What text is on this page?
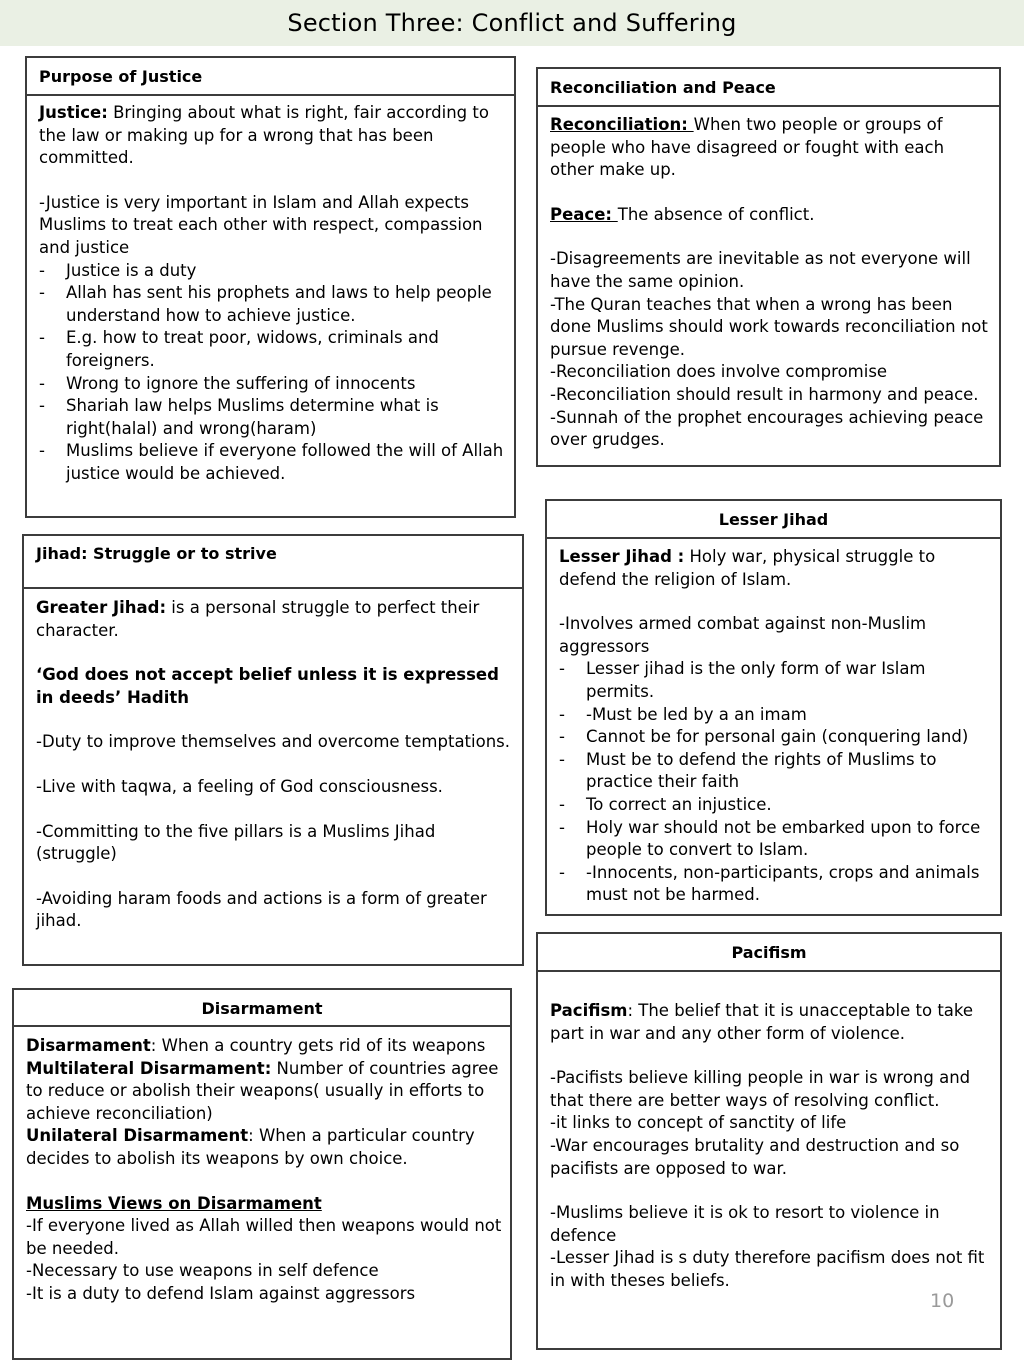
Section Three: Conflict and Suffering
Purpose of Justice

Justice: Bringing about what is right, fair according to the law or making up for a wrong that has been committed.

-Justice is very important in Islam and Allah expects Muslims to treat each other with respect, compassion and justice

- Justice is a duty
- Allah has sent his prophets and laws to help people understand how to achieve justice.
- E.g. how to treat poor, widows, criminals and foreigners.
- Wrong to ignore the suffering of innocents
- Shariah law helps Muslims determine what is right(halal) and wrong(haram)
- Muslims believe if everyone followed the will of Allah justice would be achieved.
Reconciliation and Peace

Reconciliation: When two people or groups of people who have disagreed or fought with each other make up.

Peace: The absence of conflict.

-Disagreements are inevitable as not everyone will have the same opinion.

-The Quran teaches that when a wrong has been done Muslims should work towards reconciliation not pursue revenge.

-Reconciliation does involve compromise

-Reconciliation should result in harmony and peace.

-Sunnah of the prophet encourages achieving peace over grudges.

Jihad: Struggle or to strive

Greater Jihad: is a personal struggle to perfect their character.

‘God does not accept belief unless it is expressed in deeds’ Hadith

-Duty to improve themselves and overcome temptations.

-Live with taqwa, a feeling of God consciousness.

-Committing to the five pillars is a Muslims Jihad (struggle)

-Avoiding haram foods and actions is a form of greater jihad.

Lesser Jihad

Lesser Jihad : Holy war, physical struggle to defend the religion of Islam.

-Involves armed combat against non-Muslim aggressors

- Lesser jihad is the only form of war Islam permits.
- -Must be led by a an imam
- Cannot be for personal gain (conquering land)
- Must be to defend the rights of Muslims to practice their faith
- To correct an injustice.
- Holy war should not be embarked upon to force people to convert to Islam.
- -Innocents, non-participants, crops and animals must not be harmed.
Disarmament

Disarmament: When a country gets rid of its weapons

Multilateral Disarmament: Number of countries agree to reduce or abolish their weapons( usually in efforts to achieve reconciliation)

Unilateral Disarmament: When a particular country decides to abolish its weapons by own choice.

Muslims Views on Disarmament

-If everyone lived as Allah willed then weapons would not be needed.

-Necessary to use weapons in self defence

-It is a duty to defend Islam against aggressors

Pacifism

Pacifism: The belief that it is unacceptable to take part in war and any other form of violence.

-Pacifists believe killing people in war is wrong and that there are better ways of resolving conflict.

-it links to concept of sanctity of life

-War encourages brutality and destruction and so pacifists are opposed to war.

-Muslims believe it is ok to resort to violence in defence

-Lesser Jihad is s duty therefore pacifism does not fit in with theses beliefs.

10
